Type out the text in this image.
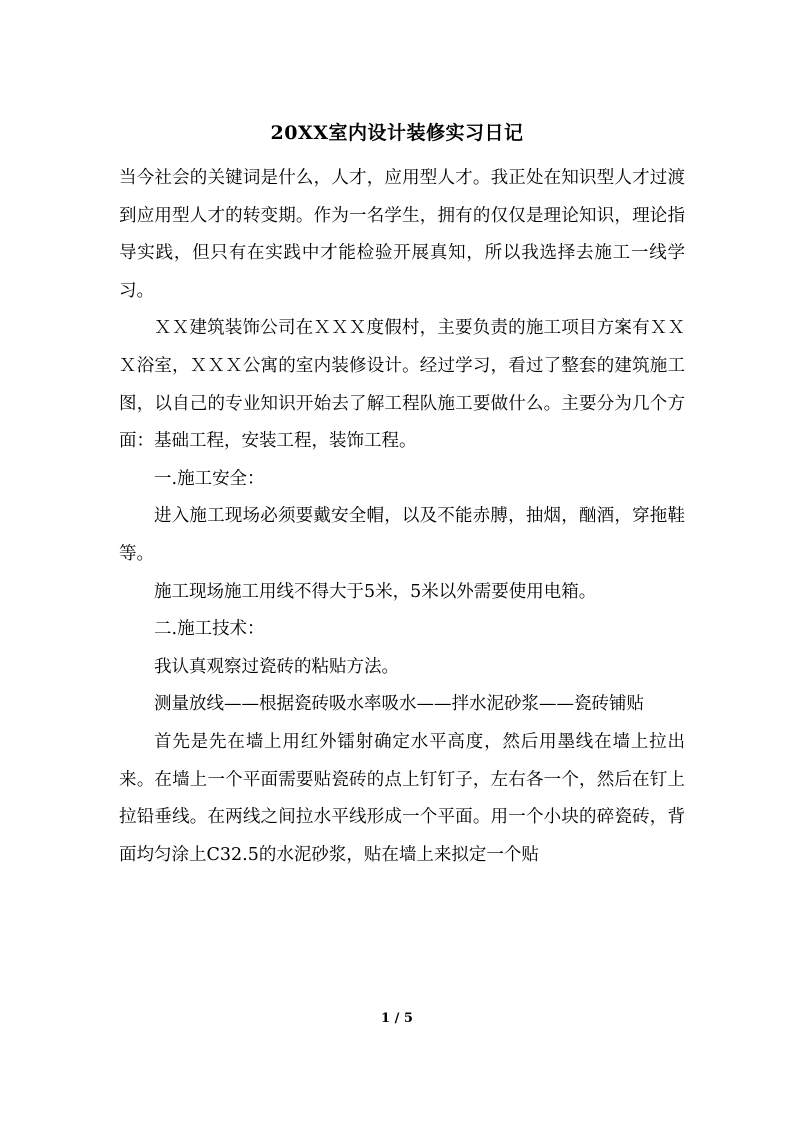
20XX室内设计装修实习日记

当今社会的关键词是什么，人才，应用型人才。我正处在知识型人才过渡到应用型人才的转变期。作为一名学生，拥有的仅仅是理论知识，理论指导实践，但只有在实践中才能检验开展真知，所以我选择去施工一线学习。

ＸＸ建筑装饰公司在ＸＸＸ度假村，主要负责的施工项目方案有ＸＸＸ浴室，ＸＸＸ公寓的室内装修设计。经过学习，看过了整套的建筑施工图，以自己的专业知识开始去了解工程队施工要做什么。主要分为几个方面：基础工程，安装工程，装饰工程。

一.施工安全：

进入施工现场必须要戴安全帽，以及不能赤膊，抽烟，酗酒，穿拖鞋等。

施工现场施工用线不得大于5米，5米以外需要使用电箱。

二.施工技术：

我认真观察过瓷砖的粘贴方法。

测量放线——根据瓷砖吸水率吸水——拌水泥砂浆——瓷砖铺贴

首先是先在墙上用红外镭射确定水平高度，然后用墨线在墙上拉出来。在墙上一个平面需要贴瓷砖的点上钉钉子，左右各一个，然后在钉上拉铅垂线。在两线之间拉水平线形成一个平面。用一个小块的碎瓷砖，背面均匀涂上C32.5的水泥砂浆，贴在墙上来拟定一个贴

1 / 5
